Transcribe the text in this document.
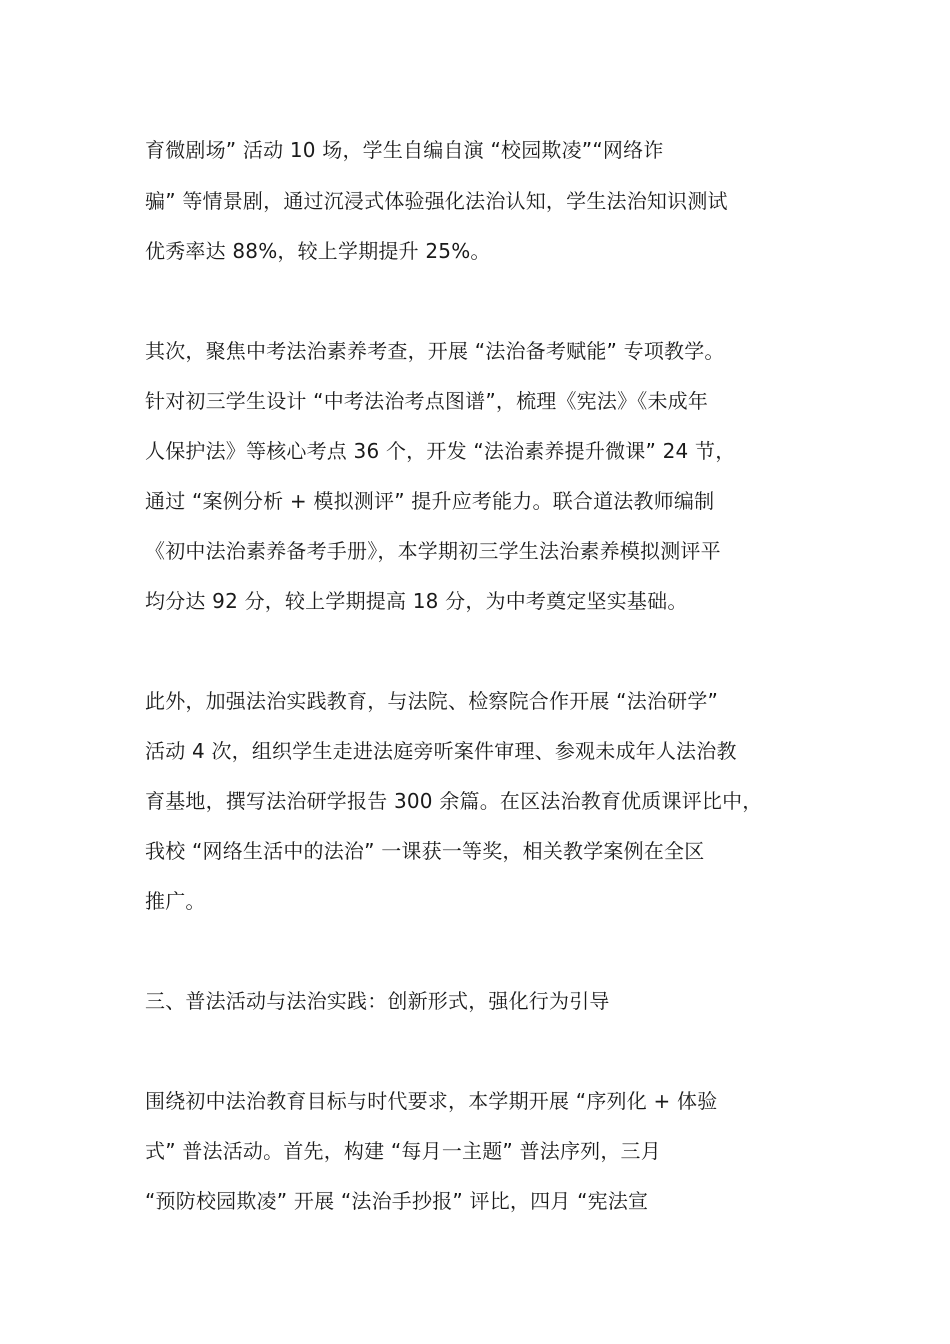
育微剧场” 活动 10 场，学生自编自演 “校园欺凌”“网络诈

骗” 等情景剧，通过沉浸式体验强化法治认知，学生法治知识测试

优秀率达 88%，较上学期提升 25%。

其次，聚焦中考法治素养考查，开展 “法治备考赋能” 专项教学。

针对初三学生设计 “中考法治考点图谱”，梳理《宪法》《未成年

人保护法》等核心考点 36 个，开发 “法治素养提升微课” 24 节，

通过 “案例分析 + 模拟测评” 提升应考能力。联合道法教师编制

《初中法治素养备考手册》，本学期初三学生法治素养模拟测评平

均分达 92 分，较上学期提高 18 分，为中考奠定坚实基础。

此外，加强法治实践教育，与法院、检察院合作开展 “法治研学”

活动 4 次，组织学生走进法庭旁听案件审理、参观未成年人法治教

育基地，撰写法治研学报告 300 余篇。在区法治教育优质课评比中，

我校 “网络生活中的法治” 一课获一等奖，相关教学案例在全区

推广。

三、普法活动与法治实践：创新形式，强化行为引导

围绕初中法治教育目标与时代要求，本学期开展 “序列化 + 体验

式” 普法活动。首先，构建 “每月一主题” 普法序列，三月

“预防校园欺凌” 开展 “法治手抄报” 评比，四月 “宪法宣
